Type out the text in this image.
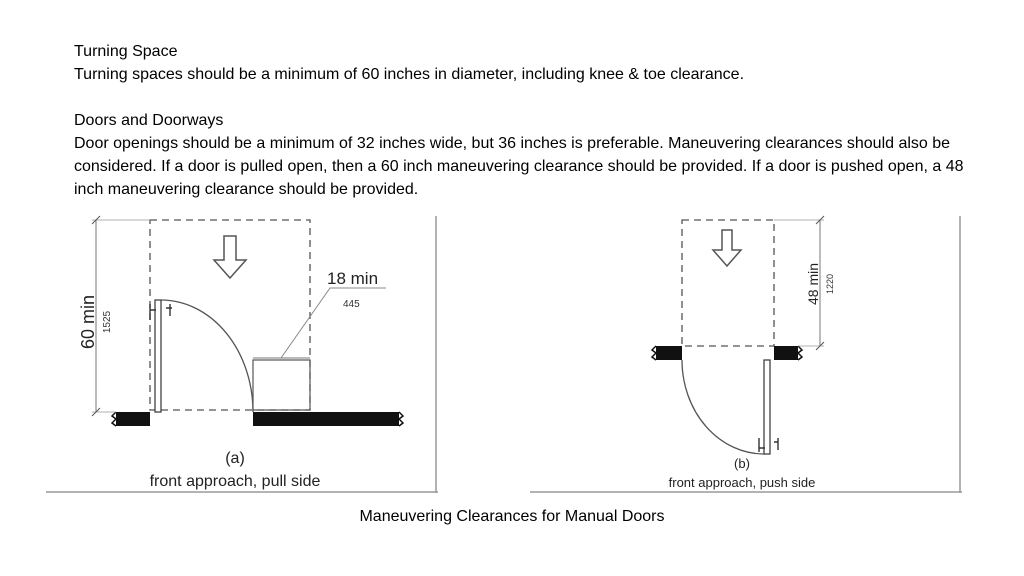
Turning Space

Turning spaces should be a minimum of 60 inches in diameter, including knee & toe clearance.

Doors and Doorways

Door openings should be a minimum of 32 inches wide, but 36 inches is preferable. Maneuvering clearances should also be considered. If a door is pulled open, then a 60 inch maneuvering clearance should be provided. If a door is pushed open, a 48 inch maneuvering clearance should be provided.

60 min 1525
18 min
445
(a)
front approach, pull side
48 min 1220
(b)
front approach, push side
Maneuvering Clearances for Manual Doors
